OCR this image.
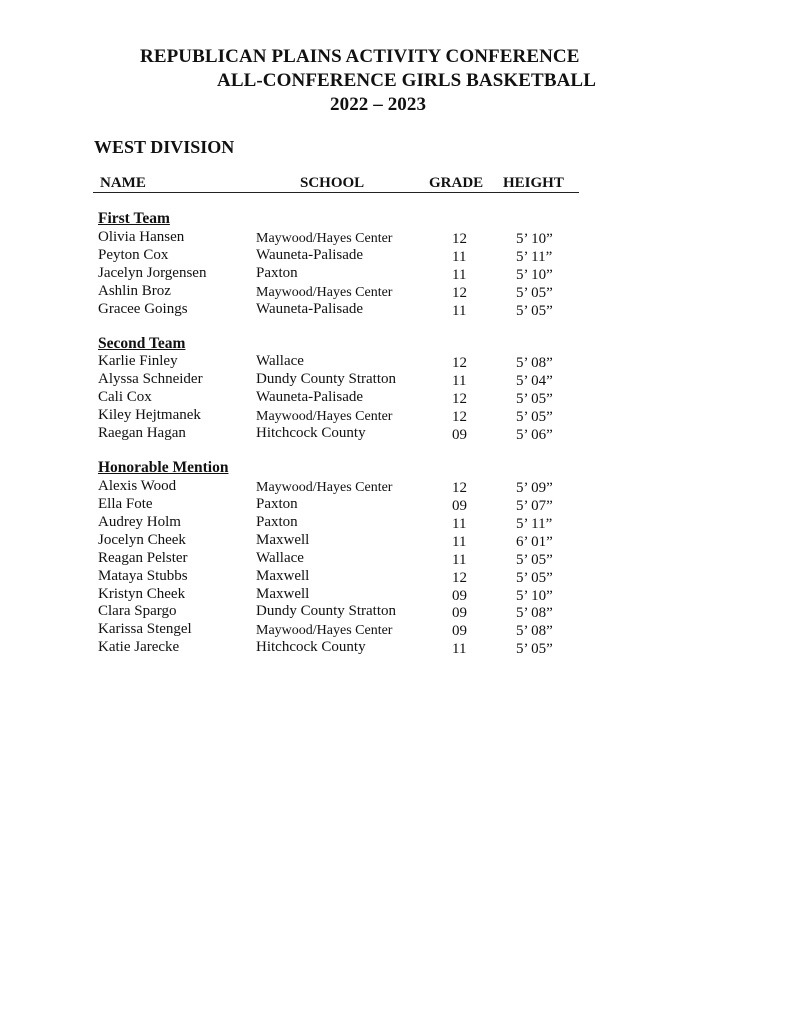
REPUBLICAN PLAINS ACTIVITY CONFERENCE
ALL-CONFERENCE GIRLS BASKETBALL
2022 – 2023
WEST DIVISION
NAME	SCHOOL	GRADE HEIGHT
First Team
Olivia Hansen	Maywood/Hayes Center	12	5’ 10”
Peyton Cox	Wauneta-Palisade	11	5’ 11”
Jacelyn Jorgensen	Paxton	11	5’ 10”
Ashlin Broz	Maywood/Hayes Center	12	5’ 05”
Gracee Goings	Wauneta-Palisade	11	5’ 05”
Second Team
Karlie Finley	Wallace	12	5’ 08”
Alyssa Schneider	Dundy County Stratton	11	5’ 04”
Cali Cox	Wauneta-Palisade	12	5’ 05”
Kiley Hejtmanek	Maywood/Hayes Center	12	5’ 05”
Raegan Hagan	Hitchcock County	09	5’ 06”
Honorable Mention
Alexis Wood	Maywood/Hayes Center	12	5’ 09”
Ella Fote	Paxton	09	5’ 07”
Audrey Holm	Paxton	11	5’ 11”
Jocelyn Cheek	Maxwell	11	6’ 01”
Reagan Pelster	Wallace	11	5’ 05”
Mataya Stubbs	Maxwell	12	5’ 05”
Kristyn Cheek	Maxwell	09	5’ 10”
Clara Spargo	Dundy County Stratton	09	5’ 08”
Karissa Stengel	Maywood/Hayes Center	09	5’ 08”
Katie Jarecke	Hitchcock County	11	5’ 05”
